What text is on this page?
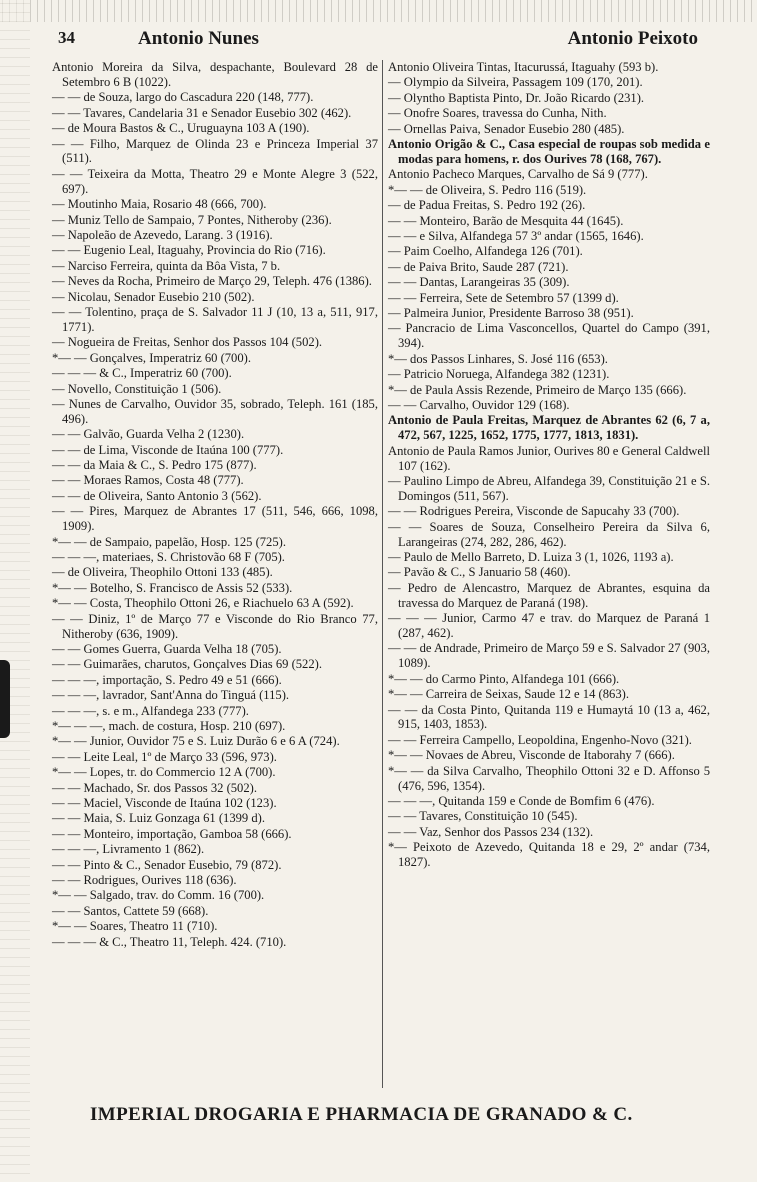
34	Antonio Nunes	Antonio Peixoto

Antonio Moreira da Silva, despachante, Boulevard 28 de Setembro 6 B (1022).

— — de Souza, largo do Cascadura 220 (148, 777).

— — Tavares, Candelaria 31 e Senador Eusebio 302 (462).

— de Moura Bastos & C., Uruguayna 103 A (190).

— — Filho, Marquez de Olinda 23 e Princeza Imperial 37 (511).

— — Teixeira da Motta, Theatro 29 e Monte Alegre 3 (522, 697).

— Moutinho Maia, Rosario 48 (666, 700).

— Muniz Tello de Sampaio, 7 Pontes, Nitheroby (236).

— Napoleão de Azevedo, Larang. 3 (1916).

— — Eugenio Leal, Itaguahy, Provincia do Rio (716).

— Narciso Ferreira, quinta da Bôa Vista, 7 b.

— Neves da Rocha, Primeiro de Março 29, Teleph. 476 (1386).

— Nicolau, Senador Eusebio 210 (502).

— — Tolentino, praça de S. Salvador 11 J (10, 13 a, 511, 917, 1771).

— Nogueira de Freitas, Senhor dos Passos 104 (502).

*— — Gonçalves, Imperatriz 60 (700).

— — — & C., Imperatriz 60 (700).

— Novello, Constituição 1 (506).

— Nunes de Carvalho, Ouvidor 35, sobrado, Teleph. 161 (185, 496).

— — Galvão, Guarda Velha 2 (1230).

— — de Lima, Visconde de Itaúna 100 (777).

— — da Maia & C., S. Pedro 175 (877).

— — Moraes Ramos, Costa 48 (777).

— — de Oliveira, Santo Antonio 3 (562).

— — Pires, Marquez de Abrantes 17 (511, 546, 666, 1098, 1909).

*— — de Sampaio, papelão, Hosp. 125 (725).

— — —, materiaes, S. Christovão 68 F (705).

— de Oliveira, Theophilo Ottoni 133 (485).

*— — Botelho, S. Francisco de Assis 52 (533).

*— — Costa, Theophilo Ottoni 26, e Riachuelo 63 A (592).

— — Diniz, 1º de Março 77 e Visconde do Rio Branco 77, Nitheroby (636, 1909).

— — Gomes Guerra, Guarda Velha 18 (705).

— — Guimarães, charutos, Gonçalves Dias 69 (522).

— — —, importação, S. Pedro 49 e 51 (666).

— — —, lavrador, Sant'Anna do Tinguá (115).

— — —, s. e m., Alfandega 233 (777).

*— — —, mach. de costura, Hosp. 210 (697).

*— — Junior, Ouvidor 75 e S. Luiz Durão 6 e 6 A (724).

— — Leite Leal, 1º de Março 33 (596, 973).

*— — Lopes, tr. do Commercio 12 A (700).

— — Machado, Sr. dos Passos 32 (502).

— — Maciel, Visconde de Itaúna 102 (123).

— — Maia, S. Luiz Gonzaga 61 (1399 d).

— — Monteiro, importação, Gamboa 58 (666).

— — —, Livramento 1 (862).

— — Pinto & C., Senador Eusebio, 79 (872).

— — Rodrigues, Ourives 118 (636).

*— — Salgado, trav. do Comm. 16 (700).

— — Santos, Cattete 59 (668).

*— — Soares, Theatro 11 (710).

— — — & C., Theatro 11, Teleph. 424. (710).

Antonio Oliveira Tintas, Itacurussá, Itaguahy (593 b).

— Olympio da Silveira, Passagem 109 (170, 201).

— Olyntho Baptista Pinto, Dr. João Ricardo (231).

— Onofre Soares, travessa do Cunha, Nith.

— Ornellas Paiva, Senador Eusebio 280 (485).

Antonio Origão & C., Casa especial de roupas sob medida e modas para homens, r. dos Ourives 78 (168, 767).

Antonio Pacheco Marques, Carvalho de Sá 9 (777).

*— — de Oliveira, S. Pedro 116 (519).

— de Padua Freitas, S. Pedro 192 (26).

— — Monteiro, Barão de Mesquita 44 (1645).

— — e Silva, Alfandega 57 3º andar (1565, 1646).

— Paim Coelho, Alfandega 126 (701).

— de Paiva Brito, Saude 287 (721).

— — Dantas, Larangeiras 35 (309).

— — Ferreira, Sete de Setembro 57 (1399 d).

— Palmeira Junior, Presidente Barroso 38 (951).

— Pancracio de Lima Vasconcellos, Quartel do Campo (391, 394).

*— dos Passos Linhares, S. José 116 (653).

— Patricio Noruega, Alfandega 382 (1231).

*— de Paula Assis Rezende, Primeiro de Março 135 (666).

— — Carvalho, Ouvidor 129 (168).

Antonio de Paula Freitas, Marquez de Abrantes 62 (6, 7 a, 472, 567, 1225, 1652, 1775, 1777, 1813, 1831).

Antonio de Paula Ramos Junior, Ourives 80 e General Caldwell 107 (162).

— Paulino Limpo de Abreu, Alfandega 39, Constituição 21 e S. Domingos (511, 567).

— — Rodrigues Pereira, Visconde de Sapucahy 33 (700).

— — Soares de Souza, Conselheiro Pereira da Silva 6, Larangeiras (274, 282, 286, 462).

— Paulo de Mello Barreto, D. Luiza 3 (1, 1026, 1193 a).

— Pavão & C., S Januario 58 (460).

— Pedro de Alencastro, Marquez de Abrantes, esquina da travessa do Marquez de Paraná (198).

— — — Junior, Carmo 47 e trav. do Marquez de Paraná 1 (287, 462).

— — de Andrade, Primeiro de Março 59 e S. Salvador 27 (903, 1089).

*— — do Carmo Pinto, Alfandega 101 (666).

*— — Carreira de Seixas, Saude 12 e 14 (863).

— — da Costa Pinto, Quitanda 119 e Humaytá 10 (13 a, 462, 915, 1403, 1853).

— — Ferreira Campello, Leopoldina, Engenho-Novo (321).

*— — Novaes de Abreu, Visconde de Itaborahy 7 (666).

*— — da Silva Carvalho, Theophilo Ottoni 32 e D. Affonso 5 (476, 596, 1354).

— — —, Quitanda 159 e Conde de Bomfim 6 (476).

— — Tavares, Constituição 10 (545).

— — Vaz, Senhor dos Passos 234 (132).

*— Peixoto de Azevedo, Quitanda 18 e 29, 2º andar (734, 1827).

IMPERIAL DROGARIA E PHARMACIA DE GRANADO & C.
